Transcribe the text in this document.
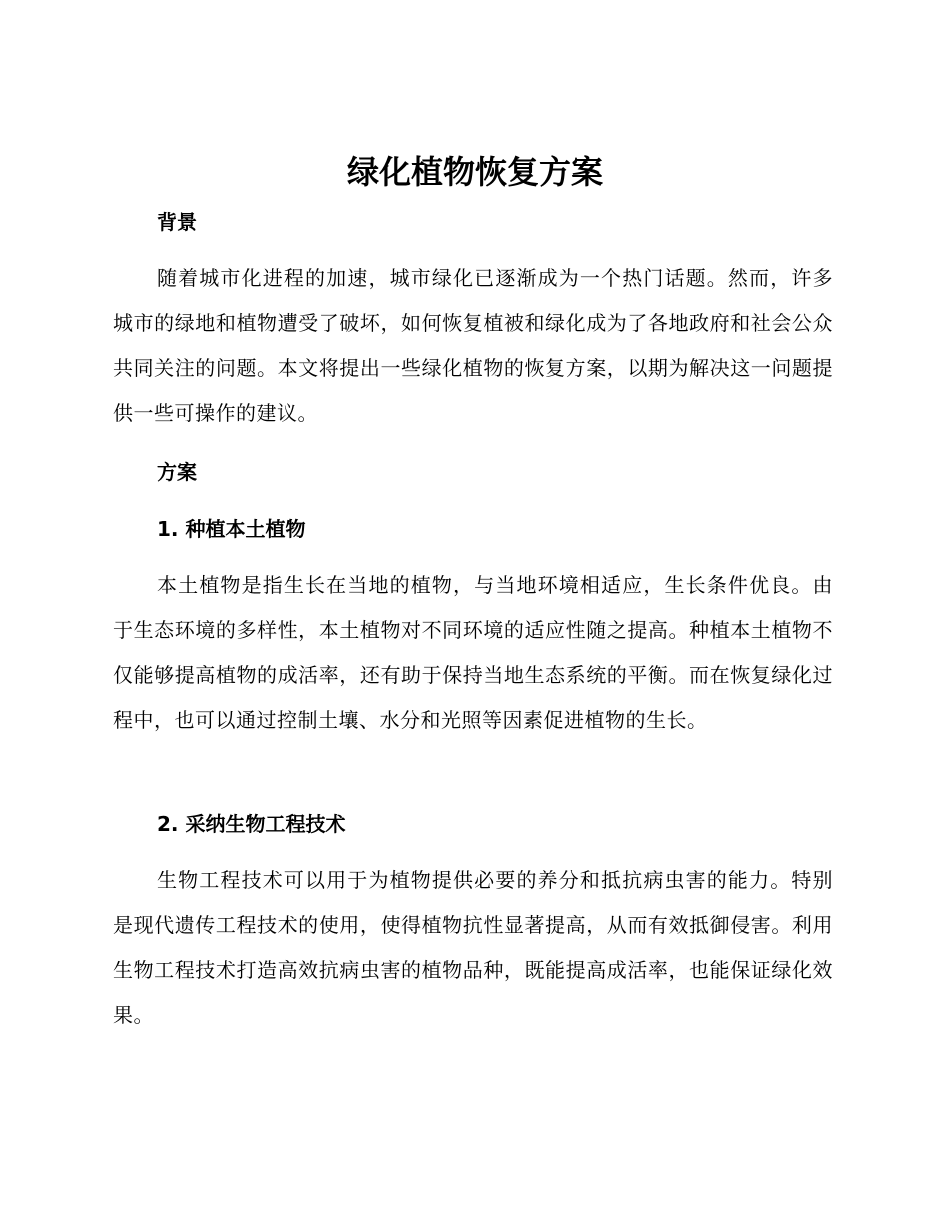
绿化植物恢复方案
背景

随着城市化进程的加速，城市绿化已逐渐成为一个热门话题。然而，许多城市的绿地和植物遭受了破坏，如何恢复植被和绿化成为了各地政府和社会公众共同关注的问题。本文将提出一些绿化植物的恢复方案，以期为解决这一问题提供一些可操作的建议。

方案
1. 种植本土植物

本土植物是指生长在当地的植物，与当地环境相适应，生长条件优良。由于生态环境的多样性，本土植物对不同环境的适应性随之提高。种植本土植物不仅能够提高植物的成活率，还有助于保持当地生态系统的平衡。而在恢复绿化过程中，也可以通过控制土壤、水分和光照等因素促进植物的生长。

2. 采纳生物工程技术

生物工程技术可以用于为植物提供必要的养分和抵抗病虫害的能力。特别是现代遗传工程技术的使用，使得植物抗性显著提高，从而有效抵御侵害。利用生物工程技术打造高效抗病虫害的植物品种，既能提高成活率，也能保证绿化效果。
